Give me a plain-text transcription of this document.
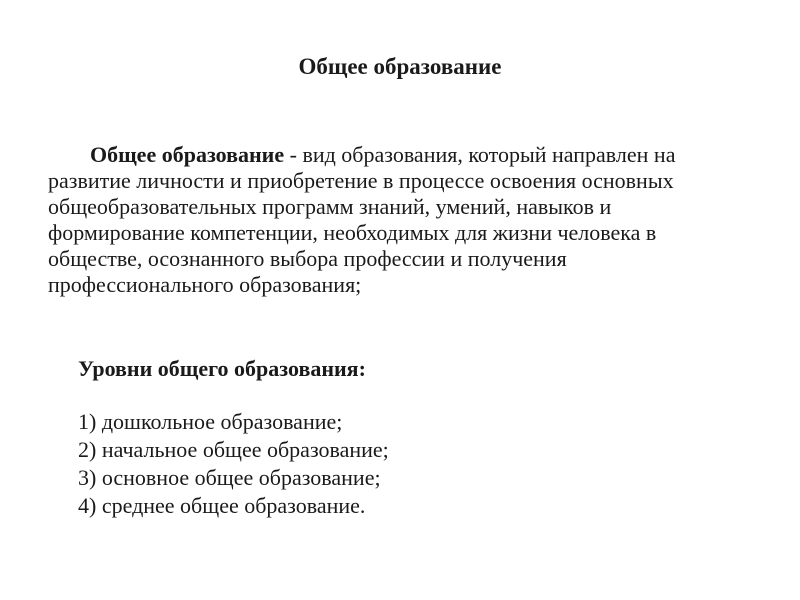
Общее образование

Общее образование - вид образования, который направлен на развитие личности и приобретение в процессе освоения основных общеобразовательных программ знаний, умений, навыков и формирование компетенции, необходимых для жизни человека в обществе, осознанного выбора профессии и получения профессионального образования;

Уровни общего образования:
1) дошкольное образование;
2) начальное общее образование;
3) основное общее образование;
4) среднее общее образование.
